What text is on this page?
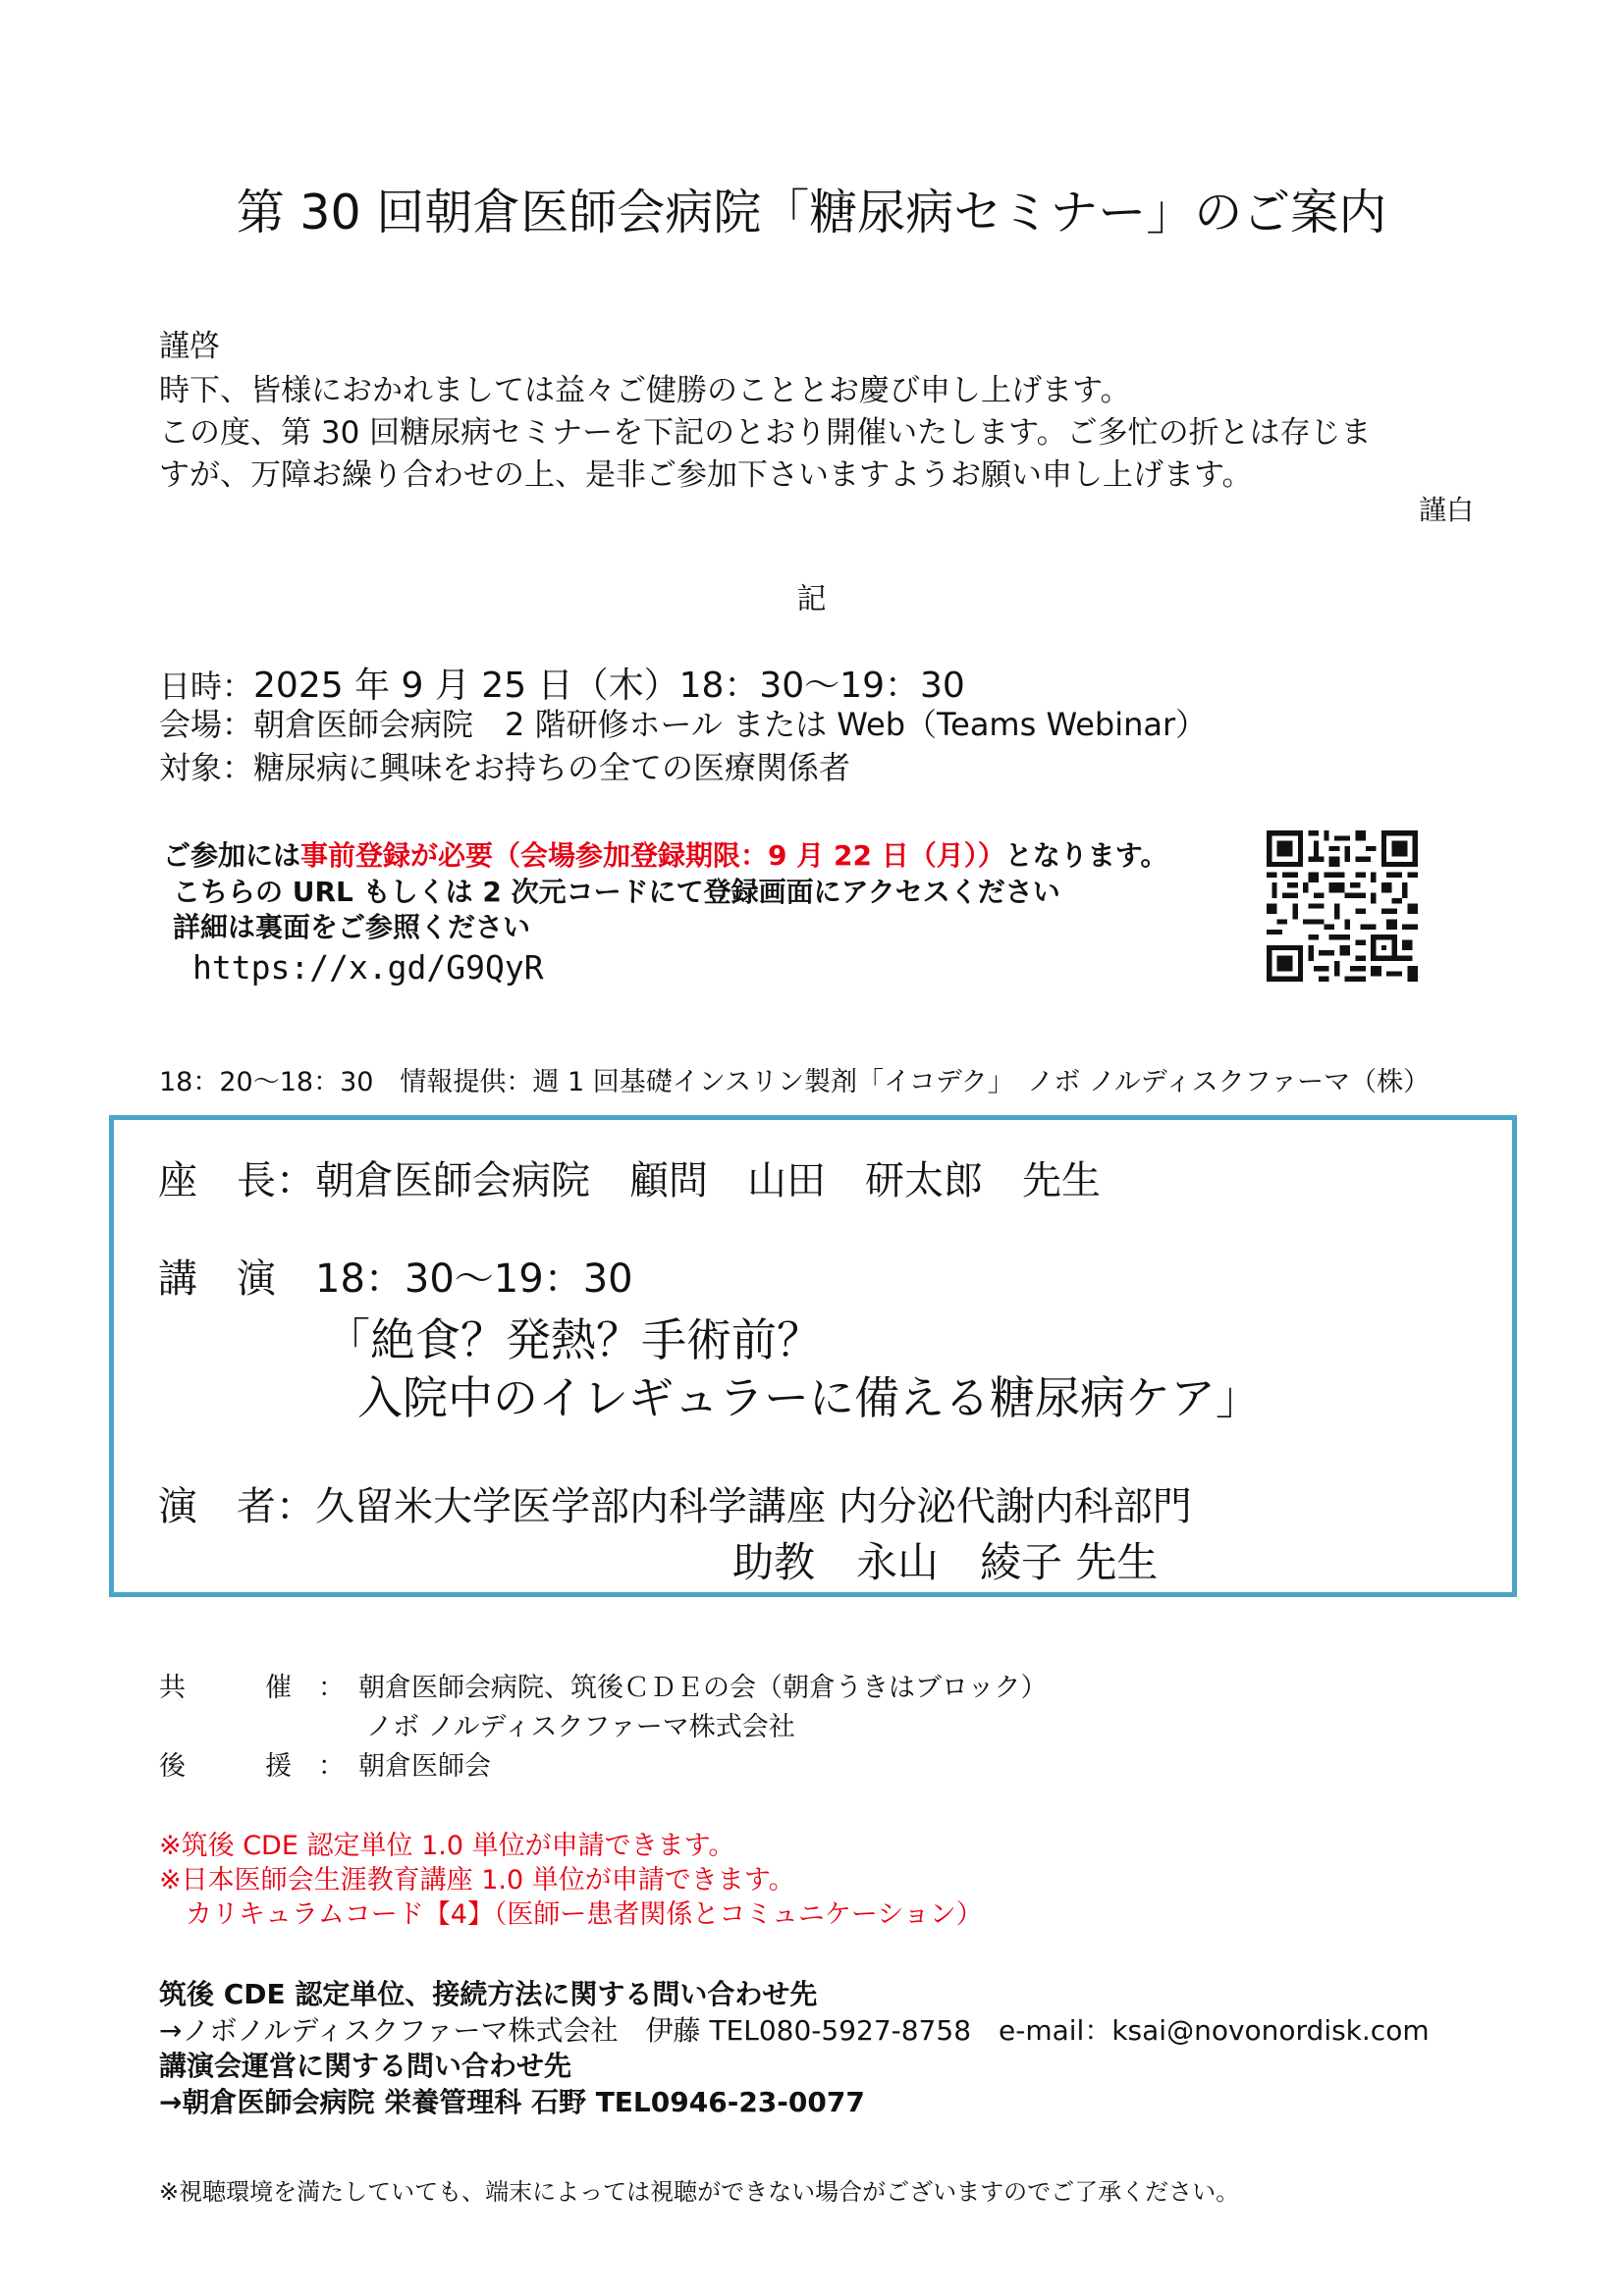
第 30 回朝倉医師会病院「糖尿病セミナー」のご案内
謹啓
時下、皆様におかれましては益々ご健勝のこととお慶び申し上げます。
この度、第 30 回糖尿病セミナーを下記のとおり開催いたします。ご多忙の折とは存じま
すが、万障お繰り合わせの上、是非ご参加下さいますようお願い申し上げます。
謹白
記
日時：2025 年 9 月 25 日（木）18：30～19：30
会場：朝倉医師会病院　2 階研修ホール または Web（Teams Webinar）
対象：糖尿病に興味をお持ちの全ての医療関係者
ご参加には事前登録が必要（会場参加登録期限：9 月 22 日（月））となります。
こちらの URL もしくは 2 次元コードにて登録画面にアクセスください
詳細は裏面をご参照ください
https://x.gd/G9QyR
18：20～18：30　情報提供：週 1 回基礎インスリン製剤「イコデク」　ノボ ノルディスクファーマ（株）
座　長：朝倉医師会病院　顧問　山田　研太郎　先生
講　演　18：30～19：30
「絶食？発熱？手術前？
入院中のイレギュラーに備える糖尿病ケア」
演　者：久留米大学医学部内科学講座 内分泌代謝内科部門
助教　永山　綾子 先生
共　　　催　： 朝倉医師会病院、筑後ＣＤＥの会（朝倉うきはブロック）
ノボ ノルディスクファーマ株式会社
後　　　援　： 朝倉医師会
※筑後 CDE 認定単位 1.0 単位が申請できます。
※日本医師会生涯教育講座 1.0 単位が申請できます。
　カリキュラムコード【4】（医師ー患者関係とコミュニケーション）
筑後 CDE 認定単位、接続方法に関する問い合わせ先
→ノボノルディスクファーマ株式会社　伊藤 TEL080-5927-8758　e-mail：ksai@novonordisk.com
講演会運営に関する問い合わせ先
→朝倉医師会病院 栄養管理科 石野 TEL0946-23-0077
※視聴環境を満たしていても、端末によっては視聴ができない場合がございますのでご了承ください。
